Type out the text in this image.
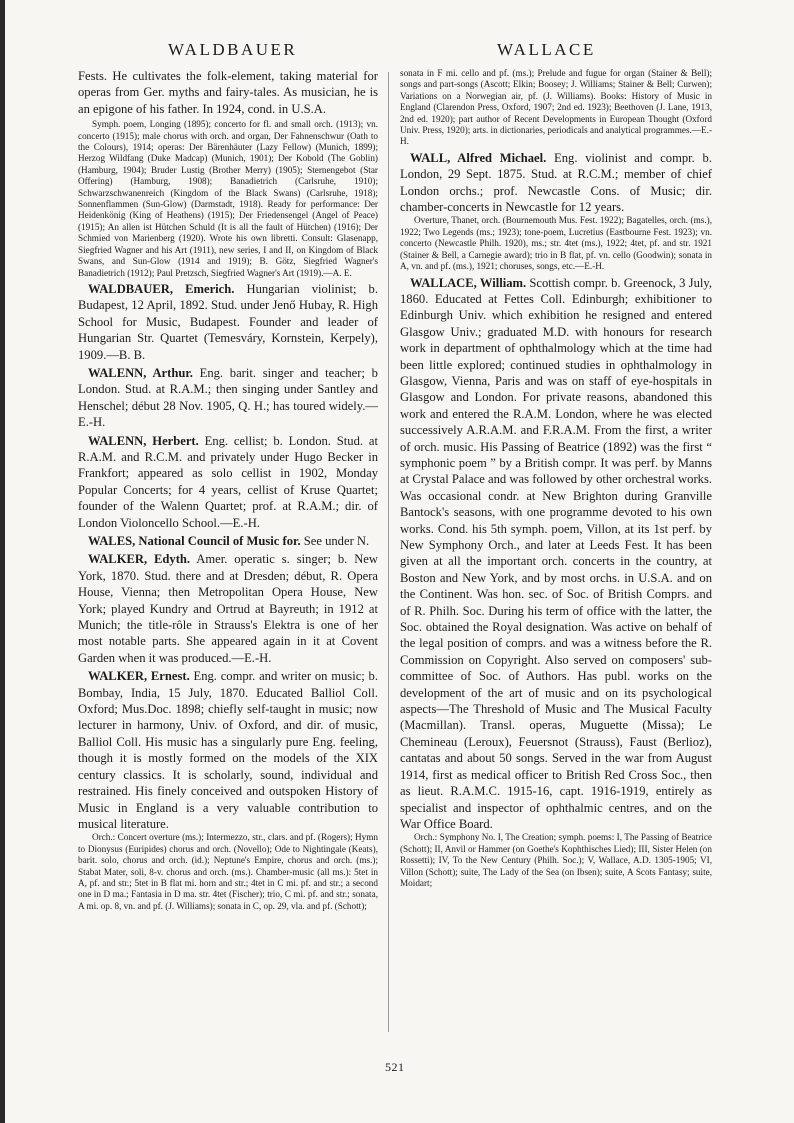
WALDBAUER	WALLACE

Fests. He cultivates the folk-element, taking material for operas from Ger. myths and fairy-tales. As musician, he is an epigone of his father. In 1924, cond. in U.S.A.

Symph. poem, Longing (1895); concerto for fl. and small orch. (1913); vn. concerto (1915); male chorus with orch. and organ, Der Fahnenschwur (Oath to the Colours), 1914; operas: Der Bärenhäuter (Lazy Fellow) (Munich, 1899); Herzog Wildfang (Duke Madcap) (Munich, 1901); Der Kobold (The Goblin) (Hamburg, 1904); Bruder Lustig (Brother Merry) (1905); Sternengebot (Star Offering) (Hamburg, 1908); Banadietrich (Carlsruhe, 1910); Schwarzschwanenreich (Kingdom of the Black Swans) (Carlsruhe, 1918); Sonnenflammen (Sun-Glow) (Darmstadt, 1918). Ready for performance: Der Heidenkönig (King of Heathens) (1915); Der Friedensengel (Angel of Peace) (1915); An allen ist Hütchen Schuld (It is all the fault of Hütchen) (1916); Der Schmied von Marienberg (1920). Wrote his own libretti. Consult: Glasenapp, Siegfried Wagner and his Art (1911), new series, I and II, on Kingdom of Black Swans, and Sun-Glow (1914 and 1919); B. Götz, Siegfried Wagner's Banadietrich (1912); Paul Pretzsch, Siegfried Wagner's Art (1919).—A. E.

WALDBAUER, Emerich. Hungarian violinist; b. Budapest, 12 April, 1892. Stud. under Jenő Hubay, R. High School for Music, Budapest. Founder and leader of Hungarian Str. Quartet (Temesváry, Kornstein, Kerpely), 1909.—B. B.

WALENN, Arthur. Eng. barit. singer and teacher; b London. Stud. at R.A.M.; then singing under Santley and Henschel; début 28 Nov. 1905, Q. H.; has toured widely.—E.-H.

WALENN, Herbert. Eng. cellist; b. London. Stud. at R.A.M. and R.C.M. and privately under Hugo Becker in Frankfort; appeared as solo cellist in 1902, Monday Popular Concerts; for 4 years, cellist of Kruse Quartet; founder of the Walenn Quartet; prof. at R.A.M.; dir. of London Violoncello School.—E.-H.

WALES, National Council of Music for. See under N.

WALKER, Edyth. Amer. operatic s. singer; b. New York, 1870. Stud. there and at Dresden; début, R. Opera House, Vienna; then Metropolitan Opera House, New York; played Kundry and Ortrud at Bayreuth; in 1912 at Munich; the title-rôle in Strauss's Elektra is one of her most notable parts. She appeared again in it at Covent Garden when it was produced.—E.-H.

WALKER, Ernest. Eng. compr. and writer on music; b. Bombay, India, 15 July, 1870. Educated Balliol Coll. Oxford; Mus.Doc. 1898; chiefly self-taught in music; now lecturer in harmony, Univ. of Oxford, and dir. of music, Balliol Coll. His music has a singularly pure Eng. feeling, though it is mostly formed on the models of the XIX century classics. It is scholarly, sound, individual and restrained. His finely conceived and outspoken History of Music in England is a very valuable contribution to musical literature.

Orch.: Concert overture (ms.); Intermezzo, str., clars. and pf. (Rogers); Hymn to Dionysus (Euripides) chorus and orch. (Novello); Ode to Nightingale (Keats), barit. solo, chorus and orch. (id.); Neptune's Empire, chorus and orch. (ms.); Stabat Mater, soli, 8-v. chorus and orch. (ms.). Chamber-music (all ms.): 5tet in A, pf. and str.; 5tet in B flat mi. horn and str.; 4tet in C mi. pf. and str.; a second one in D ma.; Fantasia in D ma. str. 4tet (Fischer); trio, C mi. pf. and str.; sonata, A mi. op. 8, vn. and pf. (J. Williams); sonata in C, op. 29, vla. and pf. (Schott);

sonata in F mi. cello and pf. (ms.); Prelude and fugue for organ (Stainer & Bell); songs and part-songs (Ascott; Elkin; Boosey; J. Williams; Stainer & Bell; Curwen); Variations on a Norwegian air, pf. (J. Williams). Books: History of Music in England (Clarendon Press, Oxford, 1907; 2nd ed. 1923); Beethoven (J. Lane, 1913, 2nd ed. 1920); part author of Recent Developments in European Thought (Oxford Univ. Press, 1920); arts. in dictionaries, periodicals and analytical programmes.—E.-H.

WALL, Alfred Michael. Eng. violinist and compr. b. London, 29 Sept. 1875. Stud. at R.C.M.; member of chief London orchs.; prof. Newcastle Cons. of Music; dir. chamber-concerts in Newcastle for 12 years.

Overture, Thanet, orch. (Bournemouth Mus. Fest. 1922); Bagatelles, orch. (ms.), 1922; Two Legends (ms.; 1923); tone-poem, Lucretius (Eastbourne Fest. 1923); vn. concerto (Newcastle Philh. 1920), ms.; str. 4tet (ms.), 1922; 4tet, pf. and str. 1921 (Stainer & Bell, a Carnegie award); trio in B flat, pf. vn. cello (Goodwin); sonata in A, vn. and pf. (ms.), 1921; choruses, songs, etc.—E.-H.

WALLACE, William. Scottish compr. b. Greenock, 3 July, 1860. Educated at Fettes Coll. Edinburgh; exhibitioner to Edinburgh Univ. which exhibition he resigned and entered Glasgow Univ.; graduated M.D. with honours for research work in department of ophthalmology which at the time had been little explored; continued studies in ophthalmology in Glasgow, Vienna, Paris and was on staff of eye-hospitals in Glasgow and London. For private reasons, abandoned this work and entered the R.A.M. London, where he was elected successively A.R.A.M. and F.R.A.M. From the first, a writer of orch. music. His Passing of Beatrice (1892) was the first “ symphonic poem ” by a British compr. It was perf. by Manns at Crystal Palace and was followed by other orchestral works. Was occasional condr. at New Brighton during Granville Bantock's seasons, with one programme devoted to his own works. Cond. his 5th symph. poem, Villon, at its 1st perf. by New Symphony Orch., and later at Leeds Fest. It has been given at all the important orch. concerts in the country, at Boston and New York, and by most orchs. in U.S.A. and on the Continent. Was hon. sec. of Soc. of British Comprs. and of R. Philh. Soc. During his term of office with the latter, the Soc. obtained the Royal designation. Was active on behalf of the legal position of comprs. and was a witness before the R. Commission on Copyright. Also served on composers' sub-committee of Soc. of Authors. Has publ. works on the development of the art of music and on its psychological aspects—The Threshold of Music and The Musical Faculty (Macmillan). Transl. operas, Muguette (Missa); Le Chemineau (Leroux), Feuersnot (Strauss), Faust (Berlioz), cantatas and about 50 songs. Served in the war from August 1914, first as medical officer to British Red Cross Soc., then as lieut. R.A.M.C. 1915-16, capt. 1916-1919, entirely as specialist and inspector of ophthalmic centres, and on the War Office Board.

Orch.: Symphony No. I, The Creation; symph. poems: I, The Passing of Beatrice (Schott); II, Anvil or Hammer (on Goethe's Kophthisches Lied); III, Sister Helen (on Rossetti); IV, To the New Century (Philh. Soc.); V, Wallace, A.D. 1305-1905; VI, Villon (Schott); suite, The Lady of the Sea (on Ibsen); suite, A Scots Fantasy; suite, Moidart;

521
